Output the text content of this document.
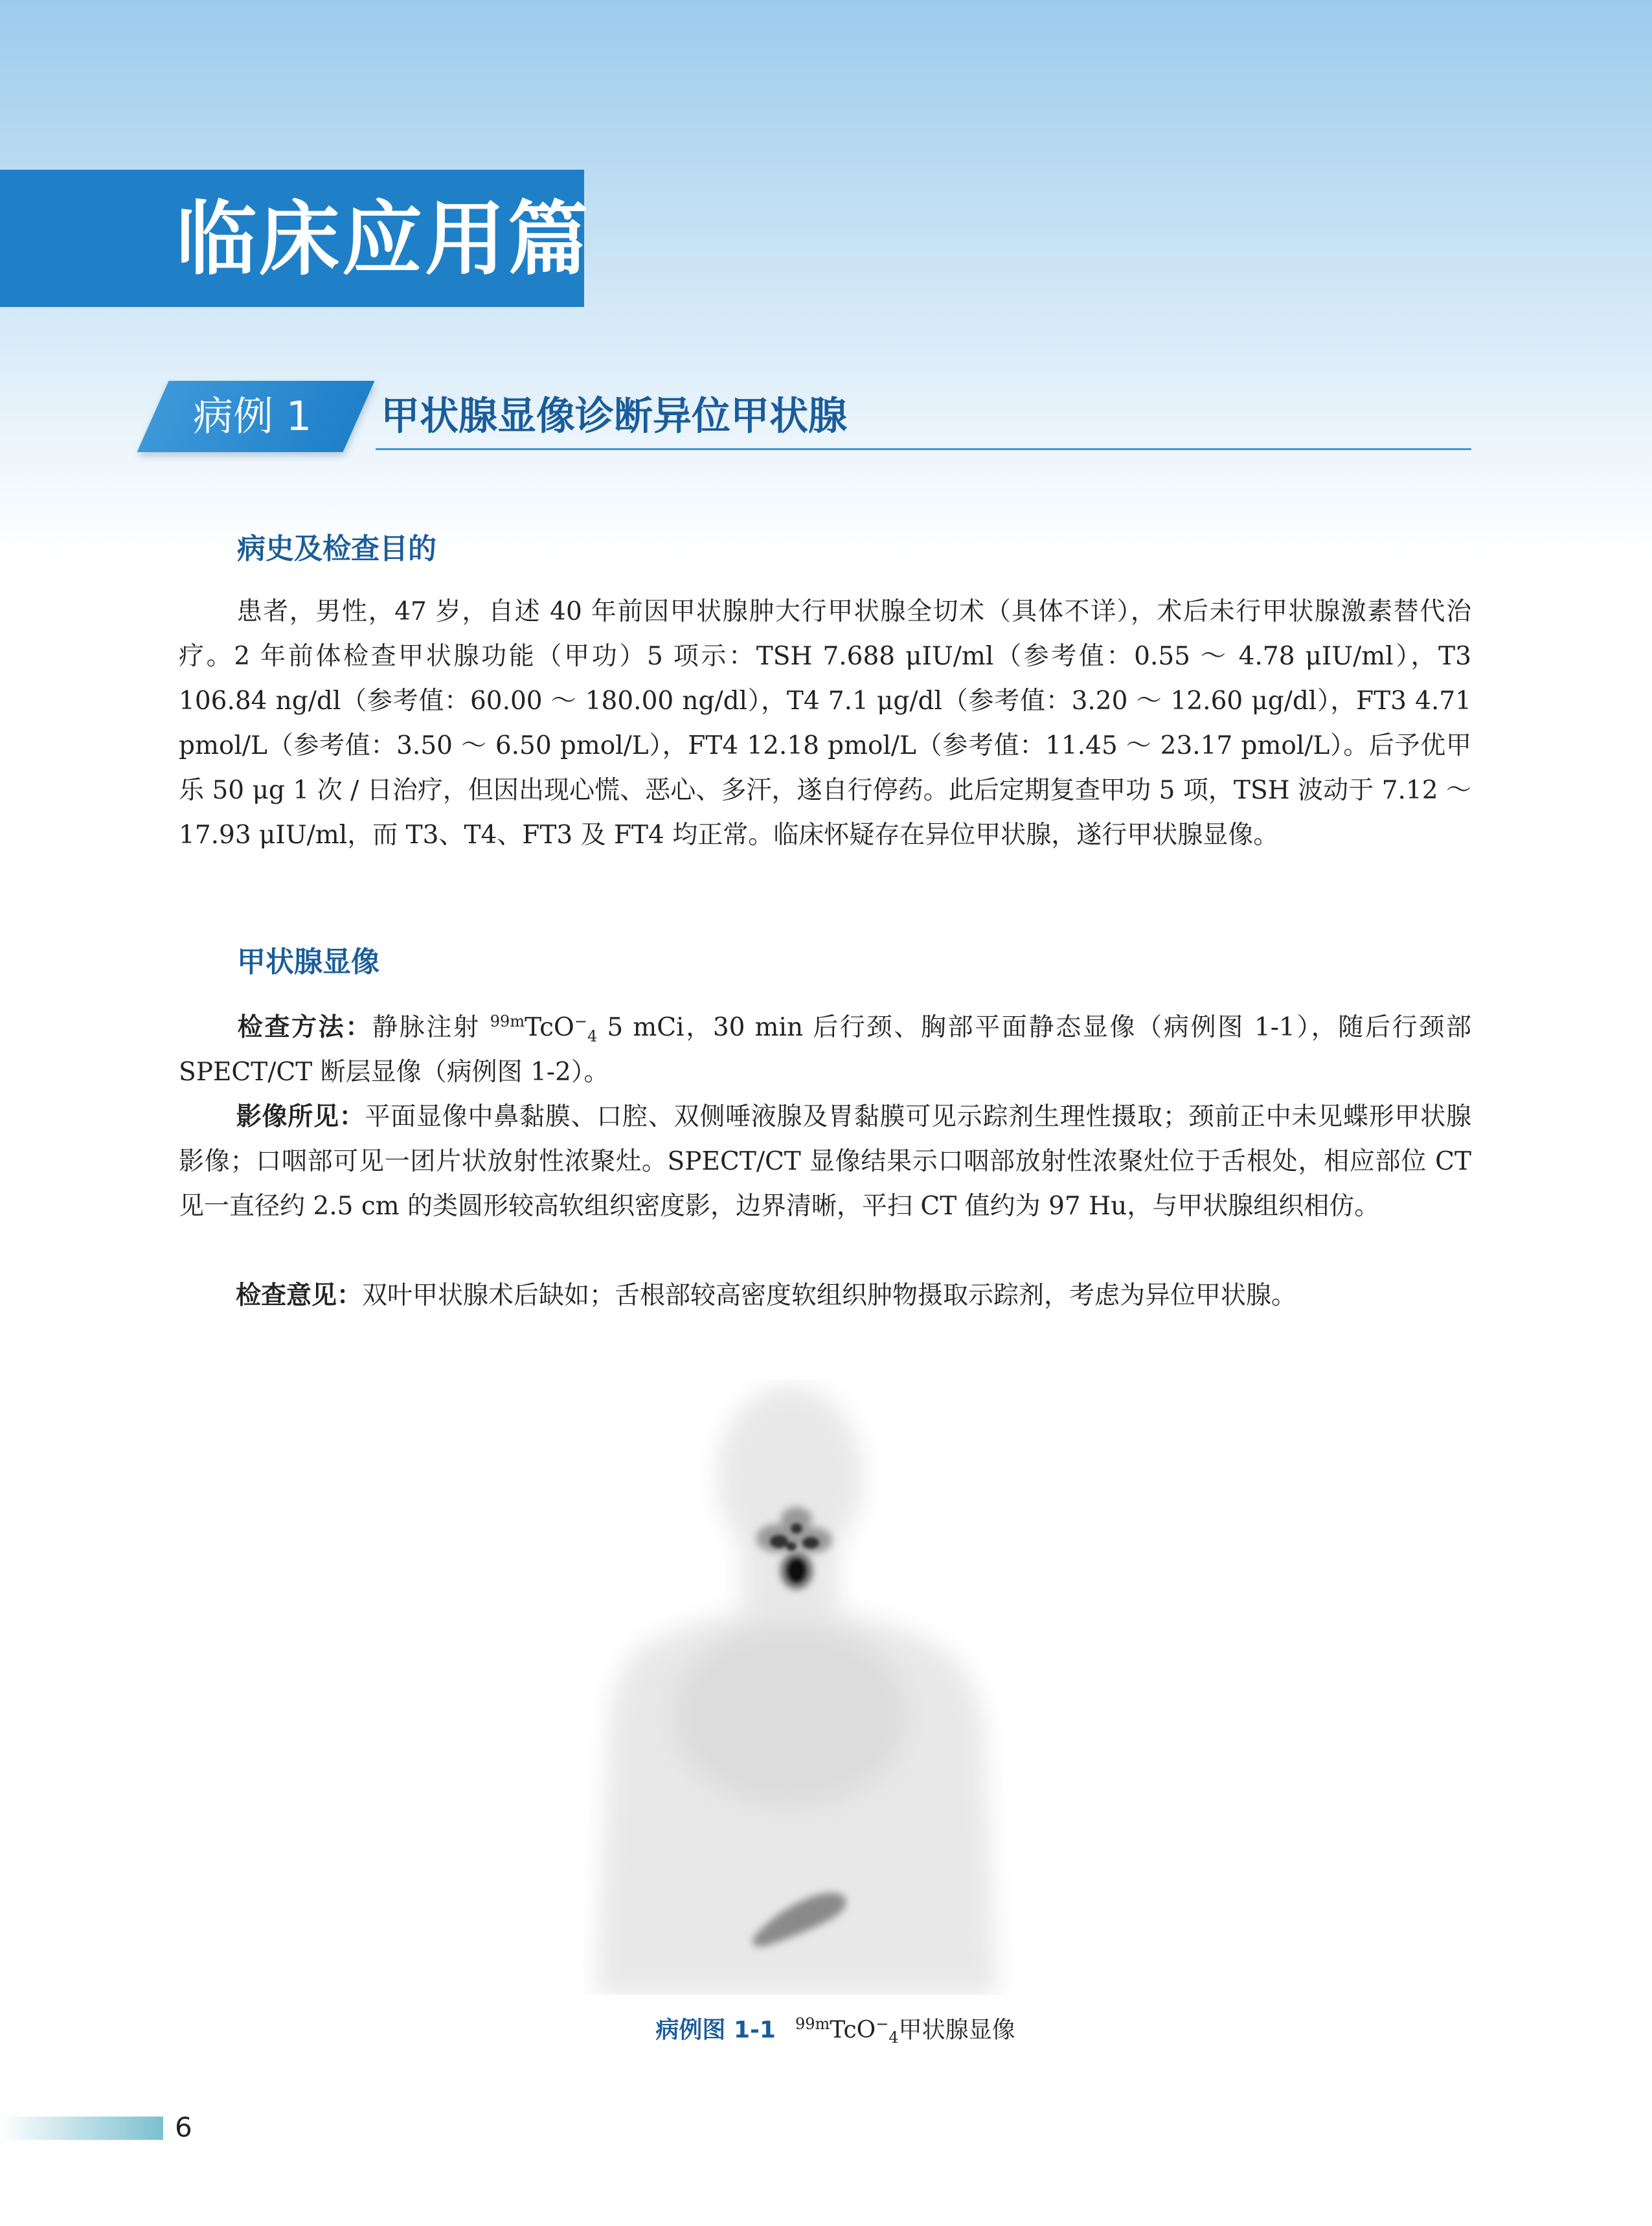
临床应用篇
病例 1 甲状腺显像诊断异位甲状腺
病史及检查目的
患者，男性，47 岁，自述 40 年前因甲状腺肿大行甲状腺全切术（具体不详），术后未行甲状腺激素替代治疗。2 年前体检查甲状腺功能（甲功）5 项示：TSH 7.688 μIU/ml（参考值：0.55 ～ 4.78 μIU/ml），T3 106.84 ng/dl（参考值：60.00 ～ 180.00 ng/dl），T4 7.1 μg/dl（参考值：3.20 ～ 12.60 μg/dl），FT3 4.71 pmol/L（参考值：3.50 ～ 6.50 pmol/L），FT4 12.18 pmol/L（参考值：11.45 ～ 23.17 pmol/L）。后予优甲乐 50 μg 1 次 / 日治疗，但因出现心慌、恶心、多汗，遂自行停药。此后定期复查甲功 5 项，TSH 波动于 7.12 ～ 17.93 μIU/ml，而 T3、T4、FT3 及 FT4 均正常。临床怀疑存在异位甲状腺，遂行甲状腺显像。
甲状腺显像
检查方法：静脉注射 $^{99m}$TcO−$_4$ 5 mCi，30 min 后行颈、胸部平面静态显像（病例图 1-1），随后行颈部 SPECT/CT 断层显像（病例图 1-2）。
影像所见：平面显像中鼻黏膜、口腔、双侧唾液腺及胃黏膜可见示踪剂生理性摄取；颈前正中未见蝶形甲状腺影像；口咽部可见一团片状放射性浓聚灶。SPECT/CT 显像结果示口咽部放射性浓聚灶位于舌根处，相应部位 CT 见一直径约 2.5 cm 的类圆形较高软组织密度影，边界清晰，平扫 CT 值约为 97 Hu，与甲状腺组织相仿。
检查意见：双叶甲状腺术后缺如；舌根部较高密度软组织肿物摄取示踪剂，考虑为异位甲状腺。
病例图 1-1 $^{99m}$TcO−$_4$甲状腺显像
6
